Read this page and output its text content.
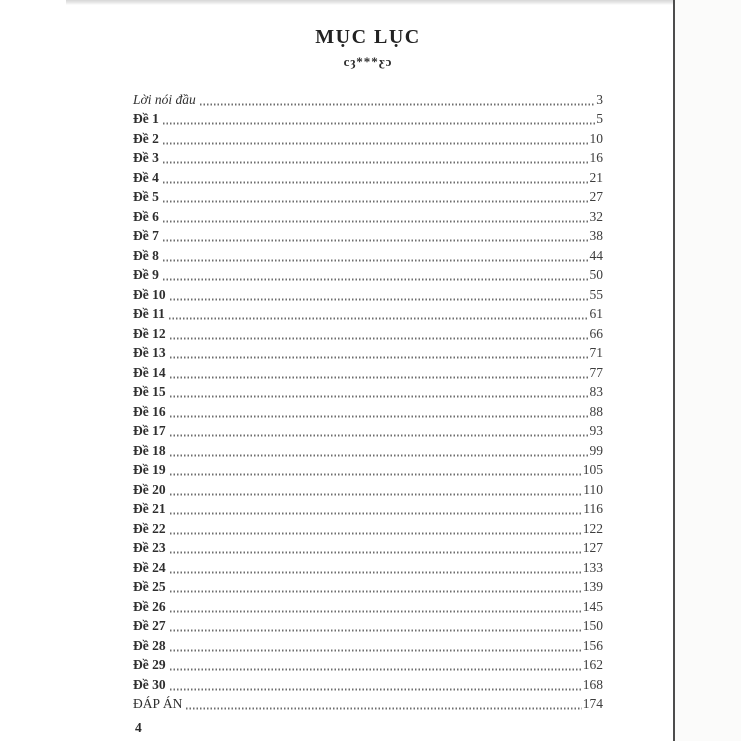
MỤC LỤC
cȝ***ƹɔ
Lời nói đầu	3
Đề 1	5
Đề 2	10
Đề 3	16
Đề 4	21
Đề 5	27
Đề 6	32
Đề 7	38
Đề 8	44
Đề 9	50
Đề 10	55
Đề 11	61
Đề 12	66
Đề 13	71
Đề 14	77
Đề 15	83
Đề 16	88
Đề 17	93
Đề 18	99
Đề 19	105
Đề 20	110
Đề 21	116
Đề 22	122
Đề 23	127
Đề 24	133
Đề 25	139
Đề 26	145
Đề 27	150
Đề 28	156
Đề 29	162
Đề 30	168
ĐÁP ÁN	174
4
